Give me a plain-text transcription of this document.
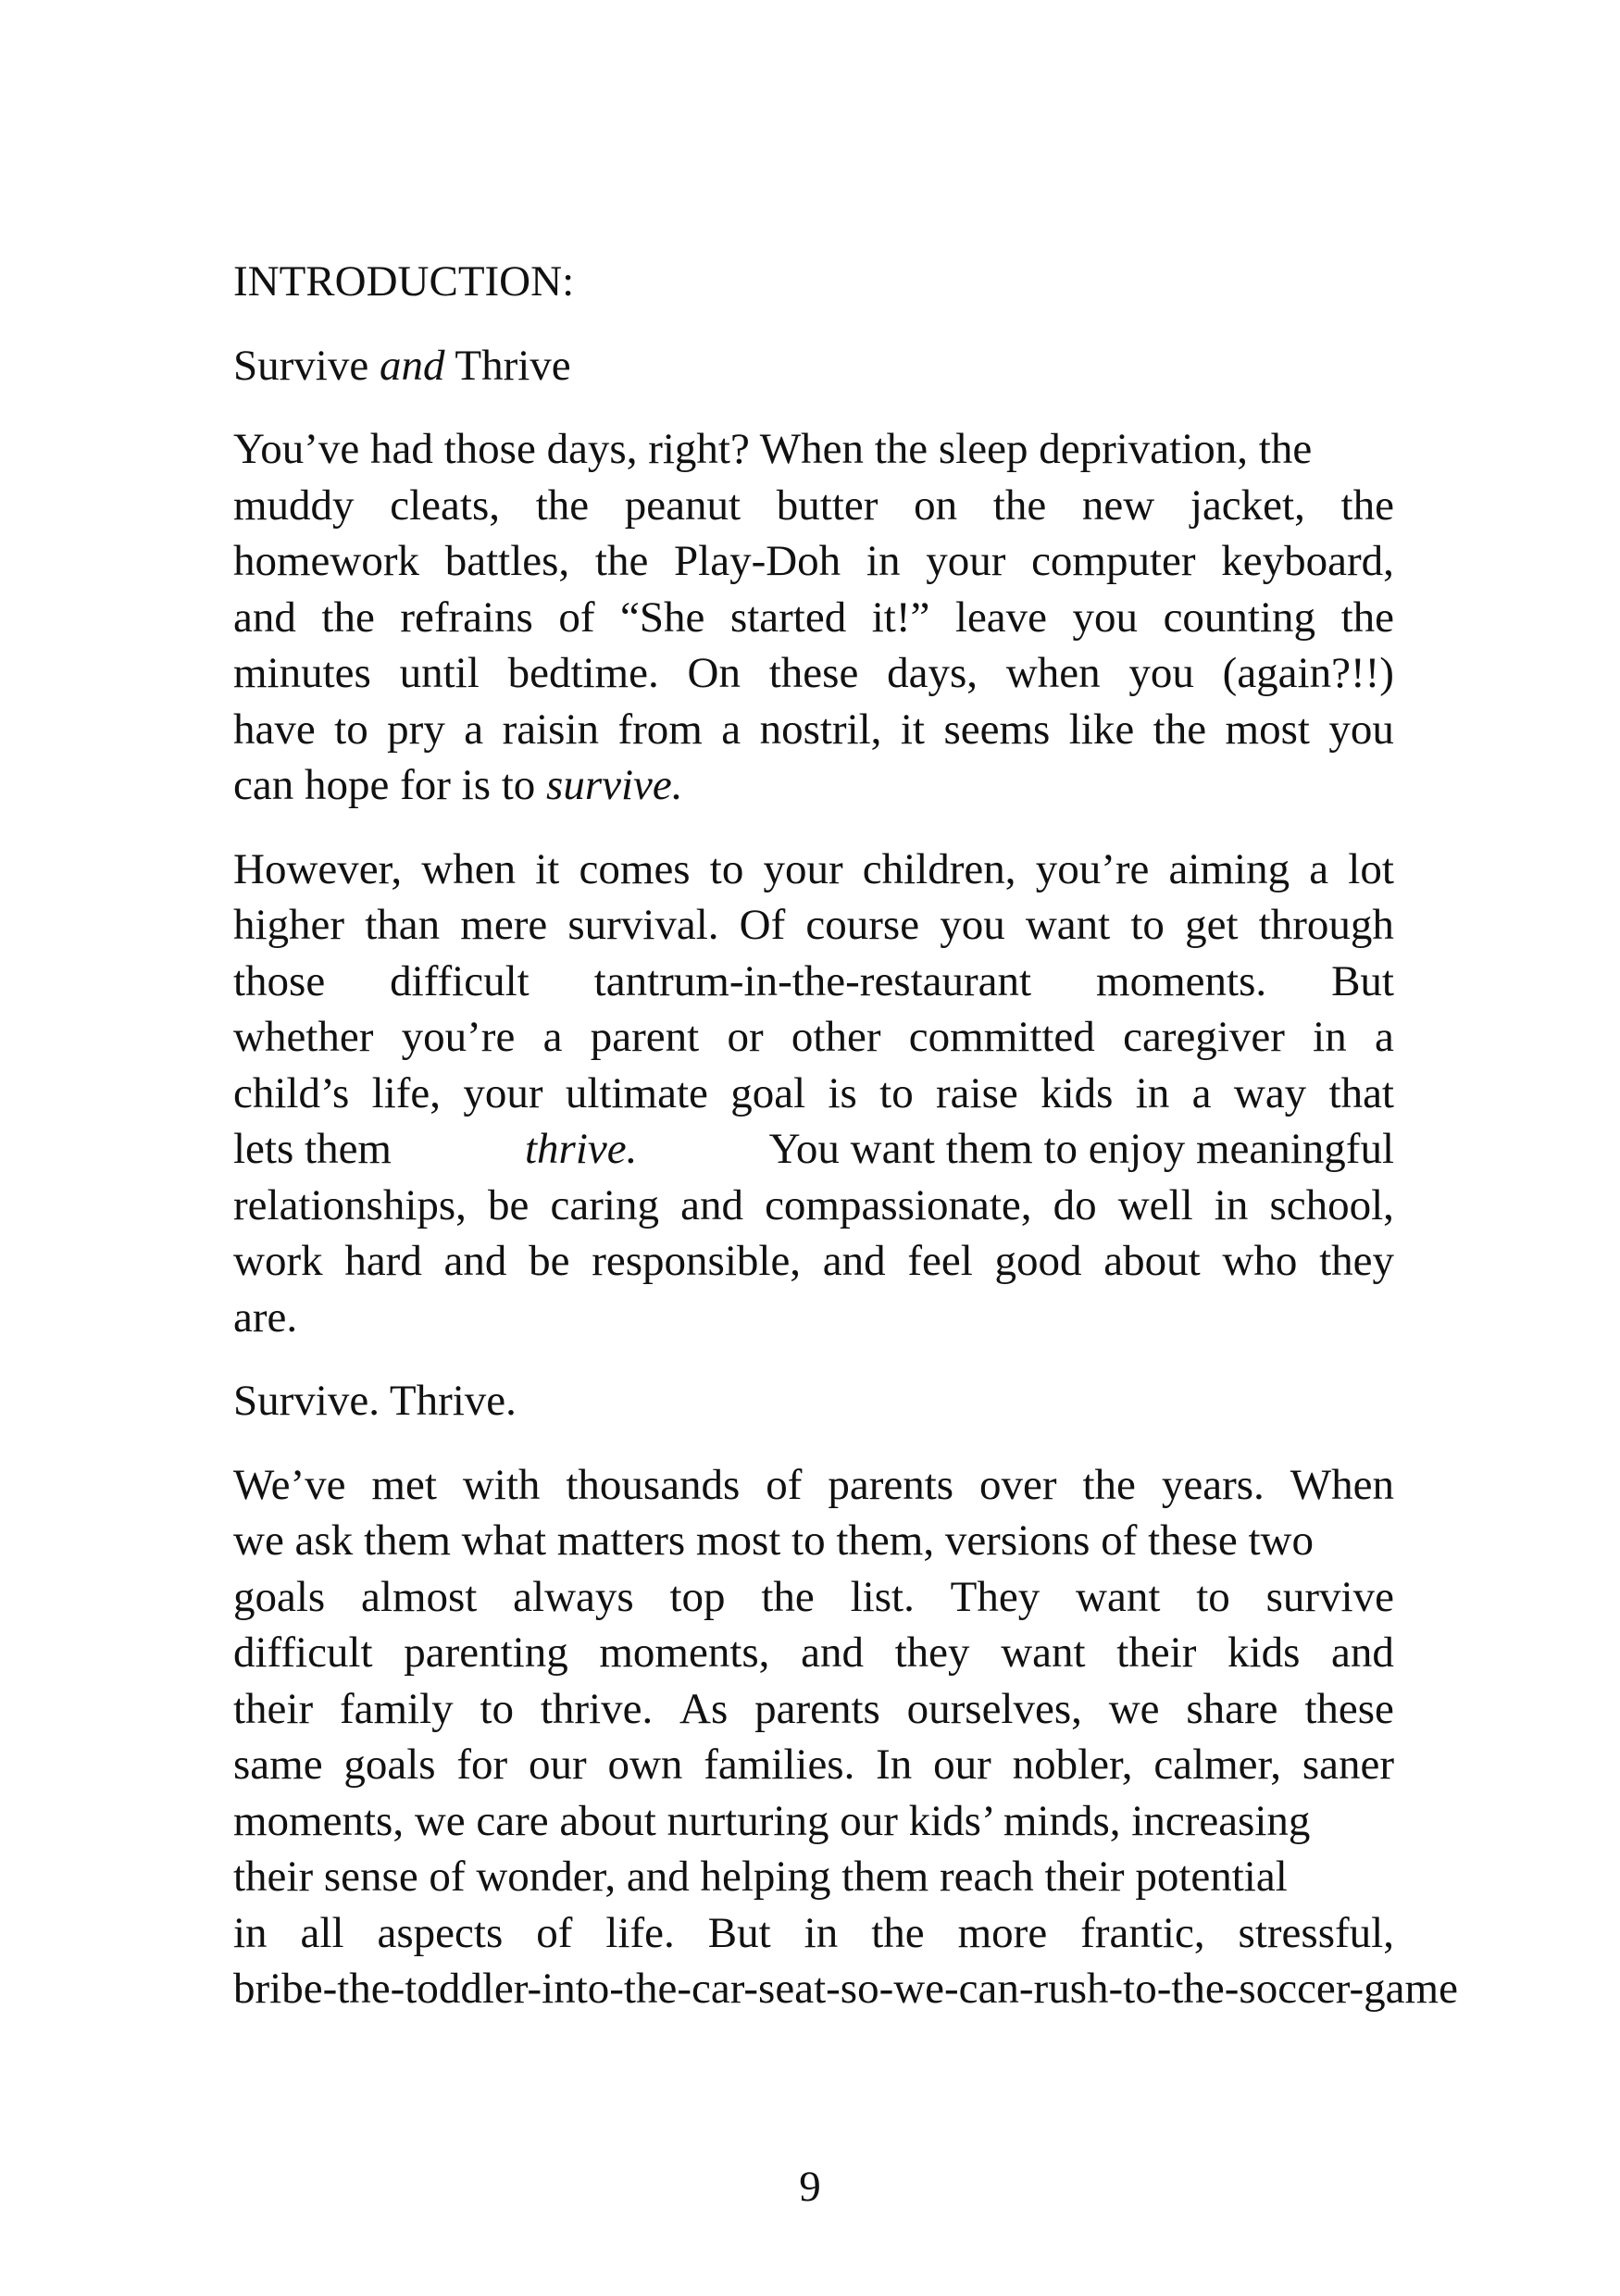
INTRODUCTION:
Survive and Thrive
You’ve had those days, right? When the sleep deprivation, the
muddy cleats, the peanut butter on the new jacket, the
homework battles, the Play-Doh in your computer keyboard,
and the refrains of “She started it!” leave you counting the
minutes until bedtime. On these days, when you (again?!!)
have to pry a raisin from a nostril, it seems like the most you
can hope for is to survive.
However, when it comes to your children, you’re aiming a lot
higher than mere survival. Of course you want to get through
those difficult tantrum-in-the-restaurant moments. But
whether you’re a parent or other committed caregiver in a
child’s life, your ultimate goal is to raise kids in a way that
lets them	thrive.	You want them to enjoy meaningful
relationships, be caring and compassionate, do well in school,
work hard and be responsible, and feel good about who they
are.
Survive. Thrive.
We’ve met with thousands of parents over the years. When
we ask them what matters most to them, versions of these two
goals almost always top the list. They want to survive
difficult parenting moments, and they want their kids and
their family to thrive. As parents ourselves, we share these
same goals for our own families. In our nobler, calmer, saner
moments, we care about nurturing our kids’ minds, increasing
their sense of wonder, and helping them reach their potential
in all aspects of life. But in the more frantic, stressful,
bribe-the-toddler-into-the-car-seat-so-we-can-rush-to-the-soccer-game
9
